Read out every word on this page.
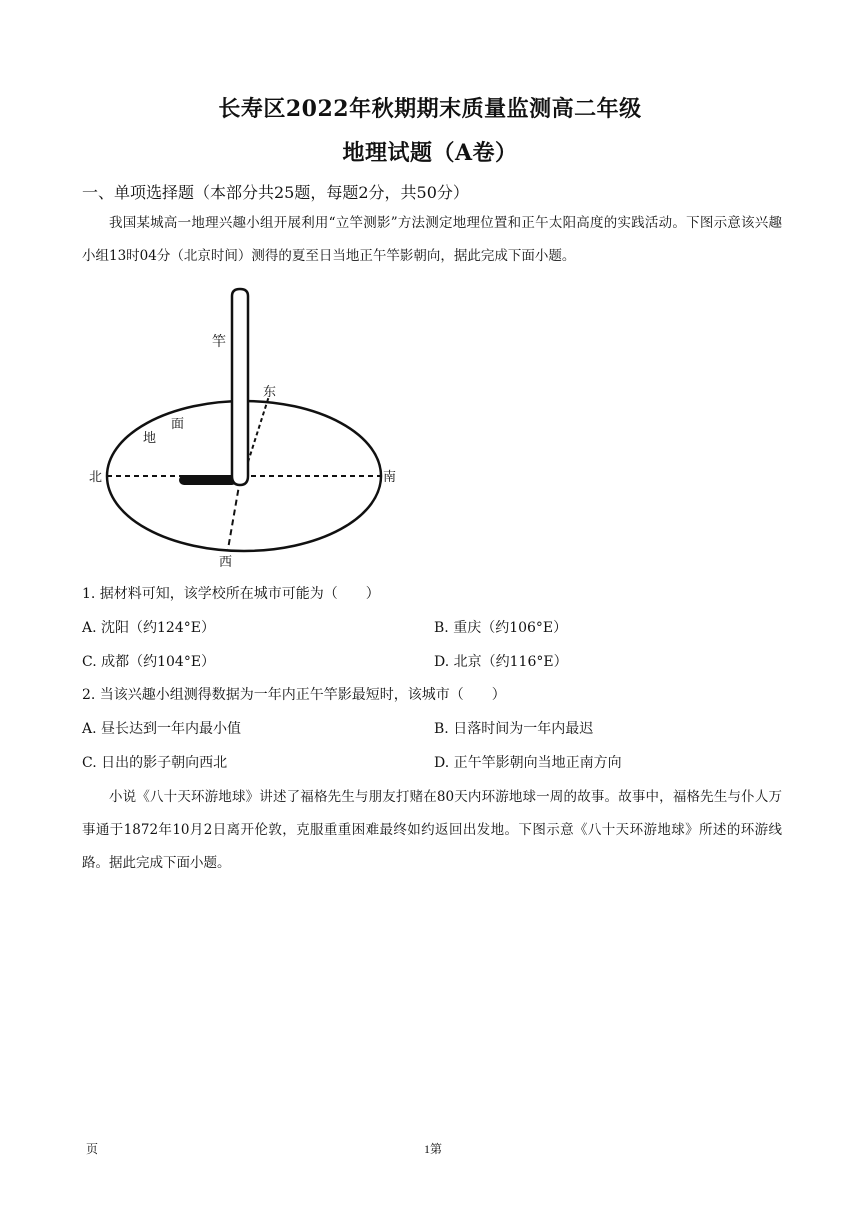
长寿区2022年秋期期末质量监测高二年级
地理试题（A卷）
一、单项选择题（本部分共25题，每题2分，共50分）
我国某城高一地理兴趣小组开展利用“立竿测影”方法测定地理位置和正午太阳高度的实践活动。下图示意该兴趣小组13时04分（北京时间）测得的夏至日当地正午竿影朝向，据此完成下面小题。
竿
地
面
东
西
北	南
1. 据材料可知，该学校所在城市可能为（　　）
A. 沈阳（约124°E）	B. 重庆（约106°E）
C. 成都（约104°E）	D. 北京（约116°E）
2. 当该兴趣小组测得数据为一年内正午竿影最短时，该城市（　　）
A. 昼长达到一年内最小值	B. 日落时间为一年内最迟
C. 日出的影子朝向西北	D. 正午竿影朝向当地正南方向
小说《八十天环游地球》讲述了福格先生与朋友打赌在80天内环游地球一周的故事。故事中，福格先生与仆人万事通于1872年10月2日离开伦敦，克服重重困难最终如约返回出发地。下图示意《八十天环游地球》所述的环游线路。据此完成下面小题。
页	1第
